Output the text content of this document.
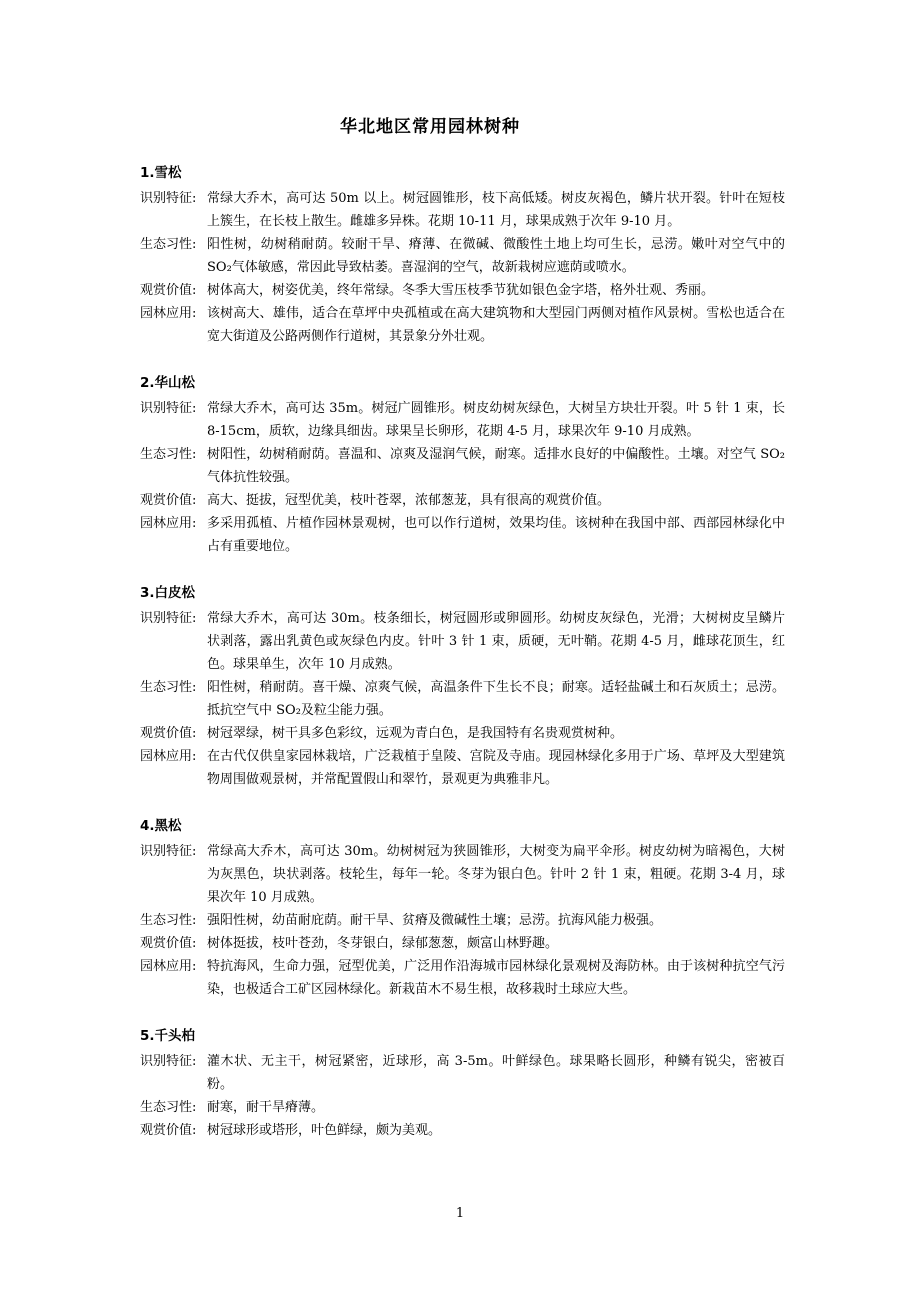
华北地区常用园林树种
1.雪松
识别特征: 常绿大乔木，高可达 50m 以上。树冠圆锥形，枝下高低矮。树皮灰褐色，鳞片状开裂。针叶在短枝上簇生，在长枝上散生。雌雄多异株。花期 10-11 月，球果成熟于次年 9-10 月。
生态习性: 阳性树，幼树稍耐荫。较耐干旱、瘠薄、在微碱、微酸性土地上均可生长，忌涝。嫩叶对空气中的 SO₂气体敏感，常因此导致枯萎。喜湿润的空气，故新栽树应遮荫或喷水。
观赏价值: 树体高大，树姿优美，终年常绿。冬季大雪压枝季节犹如银色金字塔，格外壮观、秀丽。
园林应用: 该树高大、雄伟，适合在草坪中央孤植或在高大建筑物和大型园门两侧对植作风景树。雪松也适合在宽大街道及公路两侧作行道树，其景象分外壮观。
2.华山松
识别特征: 常绿大乔木，高可达 35m。树冠广圆锥形。树皮幼树灰绿色，大树呈方块壮开裂。叶 5 针 1 束，长 8-15cm，质软，边缘具细齿。球果呈长卵形，花期 4-5 月，球果次年 9-10 月成熟。
生态习性: 树阳性，幼树稍耐荫。喜温和、凉爽及湿润气候，耐寒。适排水良好的中偏酸性。土壤。对空气 SO₂气体抗性较强。
观赏价值: 高大、挺拔，冠型优美，枝叶苍翠，浓郁葱茏，具有很高的观赏价值。
园林应用: 多采用孤植、片植作园林景观树，也可以作行道树，效果均佳。该树种在我国中部、西部园林绿化中占有重要地位。
3.白皮松
识别特征: 常绿大乔木，高可达 30m。枝条细长，树冠圆形或卵圆形。幼树皮灰绿色，光滑；大树树皮呈鳞片状剥落，露出乳黄色或灰绿色内皮。针叶 3 针 1 束，质硬，无叶鞘。花期 4-5 月，雌球花顶生，红色。球果单生，次年 10 月成熟。
生态习性: 阳性树，稍耐荫。喜干燥、凉爽气候，高温条件下生长不良；耐寒。适轻盐碱土和石灰质土；忌涝。抵抗空气中 SO₂及粒尘能力强。
观赏价值: 树冠翠绿，树干具多色彩纹，远观为青白色，是我国特有名贵观赏树种。
园林应用: 在古代仅供皇家园林栽培，广泛栽植于皇陵、宫院及寺庙。现园林绿化多用于广场、草坪及大型建筑物周围做观景树，并常配置假山和翠竹，景观更为典雅非凡。
4.黑松
识别特征: 常绿高大乔木，高可达 30m。幼树树冠为狭圆锥形，大树变为扁平伞形。树皮幼树为暗褐色，大树为灰黑色，块状剥落。枝轮生，每年一轮。冬芽为银白色。针叶 2 针 1 束，粗硬。花期 3-4 月，球果次年 10 月成熟。
生态习性: 强阳性树，幼苗耐庇荫。耐干旱、贫瘠及微碱性土壤；忌涝。抗海风能力极强。
观赏价值: 树体挺拔，枝叶苍劲，冬芽银白，绿郁葱葱，颇富山林野趣。
园林应用: 特抗海风，生命力强，冠型优美，广泛用作沿海城市园林绿化景观树及海防林。由于该树种抗空气污染，也极适合工矿区园林绿化。新栽苗木不易生根，故移栽时土球应大些。
5.千头柏
识别特征: 灌木状、无主干，树冠紧密，近球形，高 3-5m。叶鲜绿色。球果略长圆形，种鳞有锐尖，密被百粉。
生态习性: 耐寒，耐干旱瘠薄。
观赏价值: 树冠球形或塔形，叶色鲜绿，颇为美观。
1
